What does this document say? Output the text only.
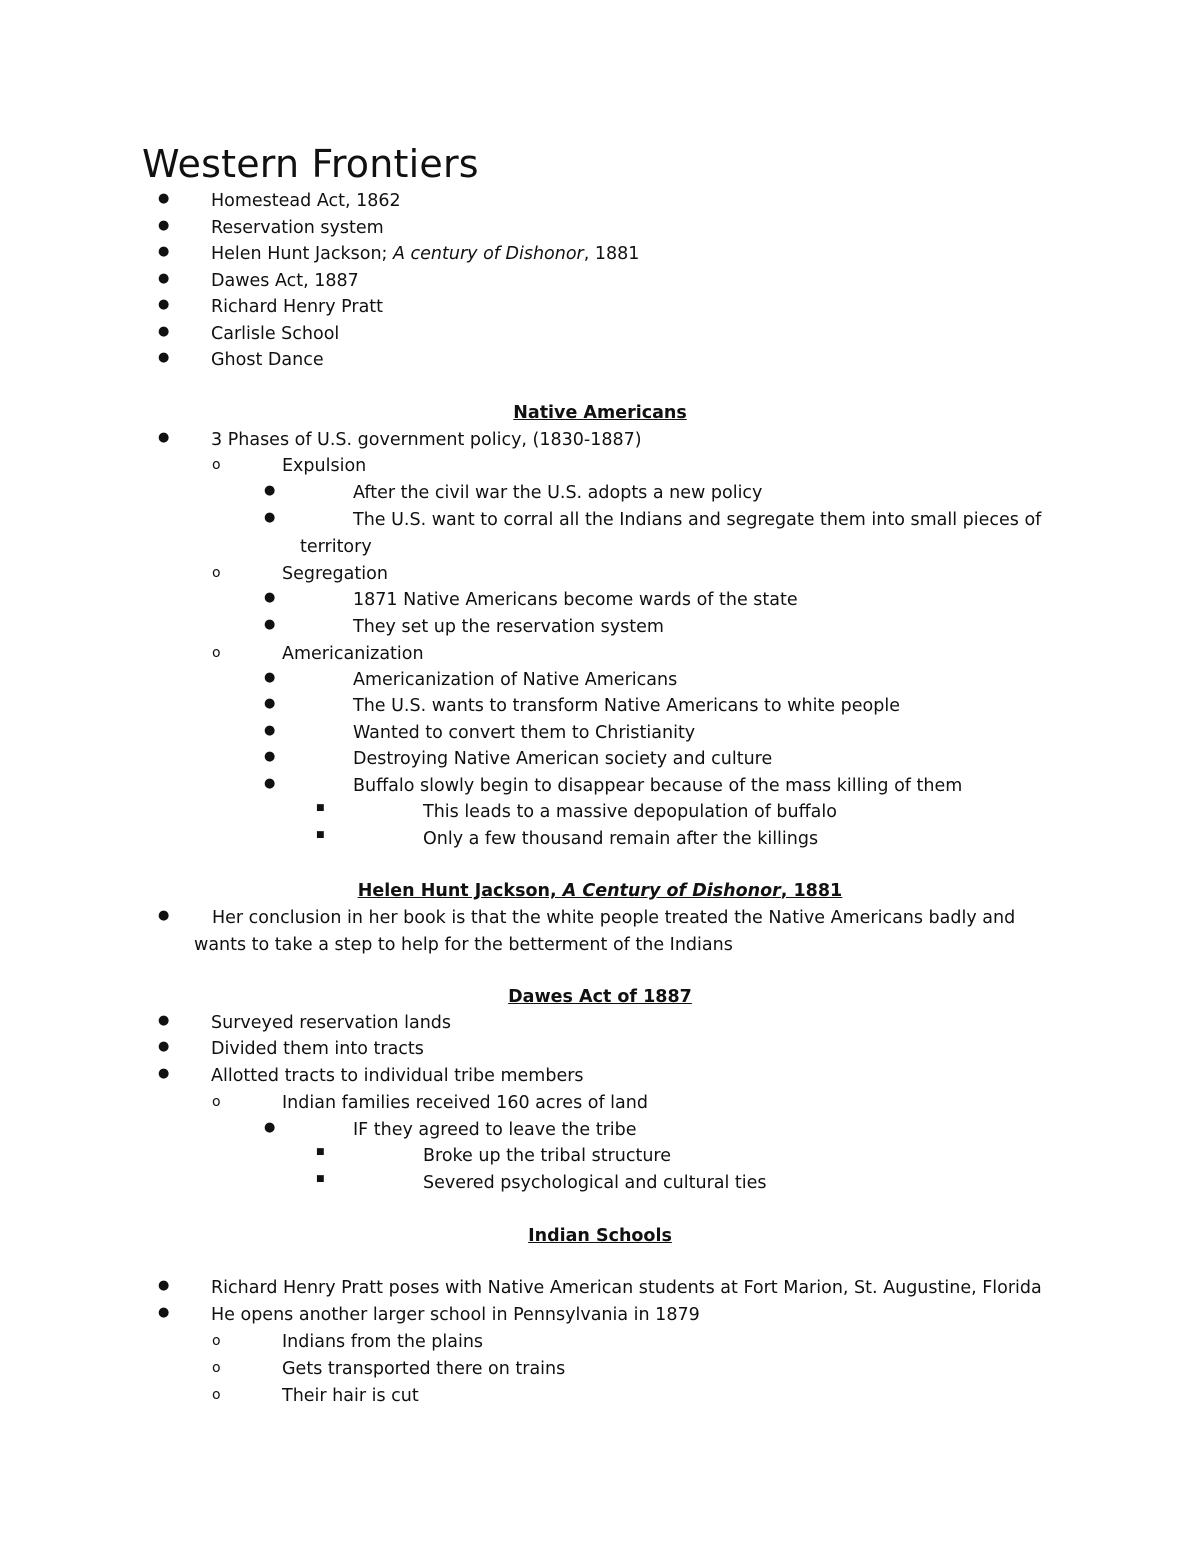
Western Frontiers
● Homestead Act, 1862
● Reservation system
● Helen Hunt Jackson; A century of Dishonor, 1881
● Dawes Act, 1887
● Richard Henry Pratt
● Carlisle School
● Ghost Dance
Native Americans
● 3 Phases of U.S. government policy, (1830-1887)
o	Expulsion
●	After the civil war the U.S. adopts a new policy
●	The U.S. want to corral all the Indians and segregate them into small pieces of
territory
o	Segregation
●	1871 Native Americans become wards of the state
●	They set up the reservation system
o	Americanization
●	Americanization of Native Americans
●	The U.S. wants to transform Native Americans to white people
●	Wanted to convert them to Christianity
●	Destroying Native American society and culture
●	Buffalo slowly begin to disappear because of the mass killing of them
■	This leads to a massive depopulation of buffalo
■	Only a few thousand remain after the killings
Helen Hunt Jackson, A Century of Dishonor, 1881
● Her conclusion in her book is that the white people treated the Native Americans badly and
wants to take a step to help for the betterment of the Indians
Dawes Act of 1887
● Surveyed reservation lands
● Divided them into tracts
● Allotted tracts to individual tribe members
o	Indian families received 160 acres of land
●	IF they agreed to leave the tribe
■	Broke up the tribal structure
■	Severed psychological and cultural ties
Indian Schools
● Richard Henry Pratt poses with Native American students at Fort Marion, St. Augustine, Florida
● He opens another larger school in Pennsylvania in 1879
o	Indians from the plains
o	Gets transported there on trains
o	Their hair is cut
